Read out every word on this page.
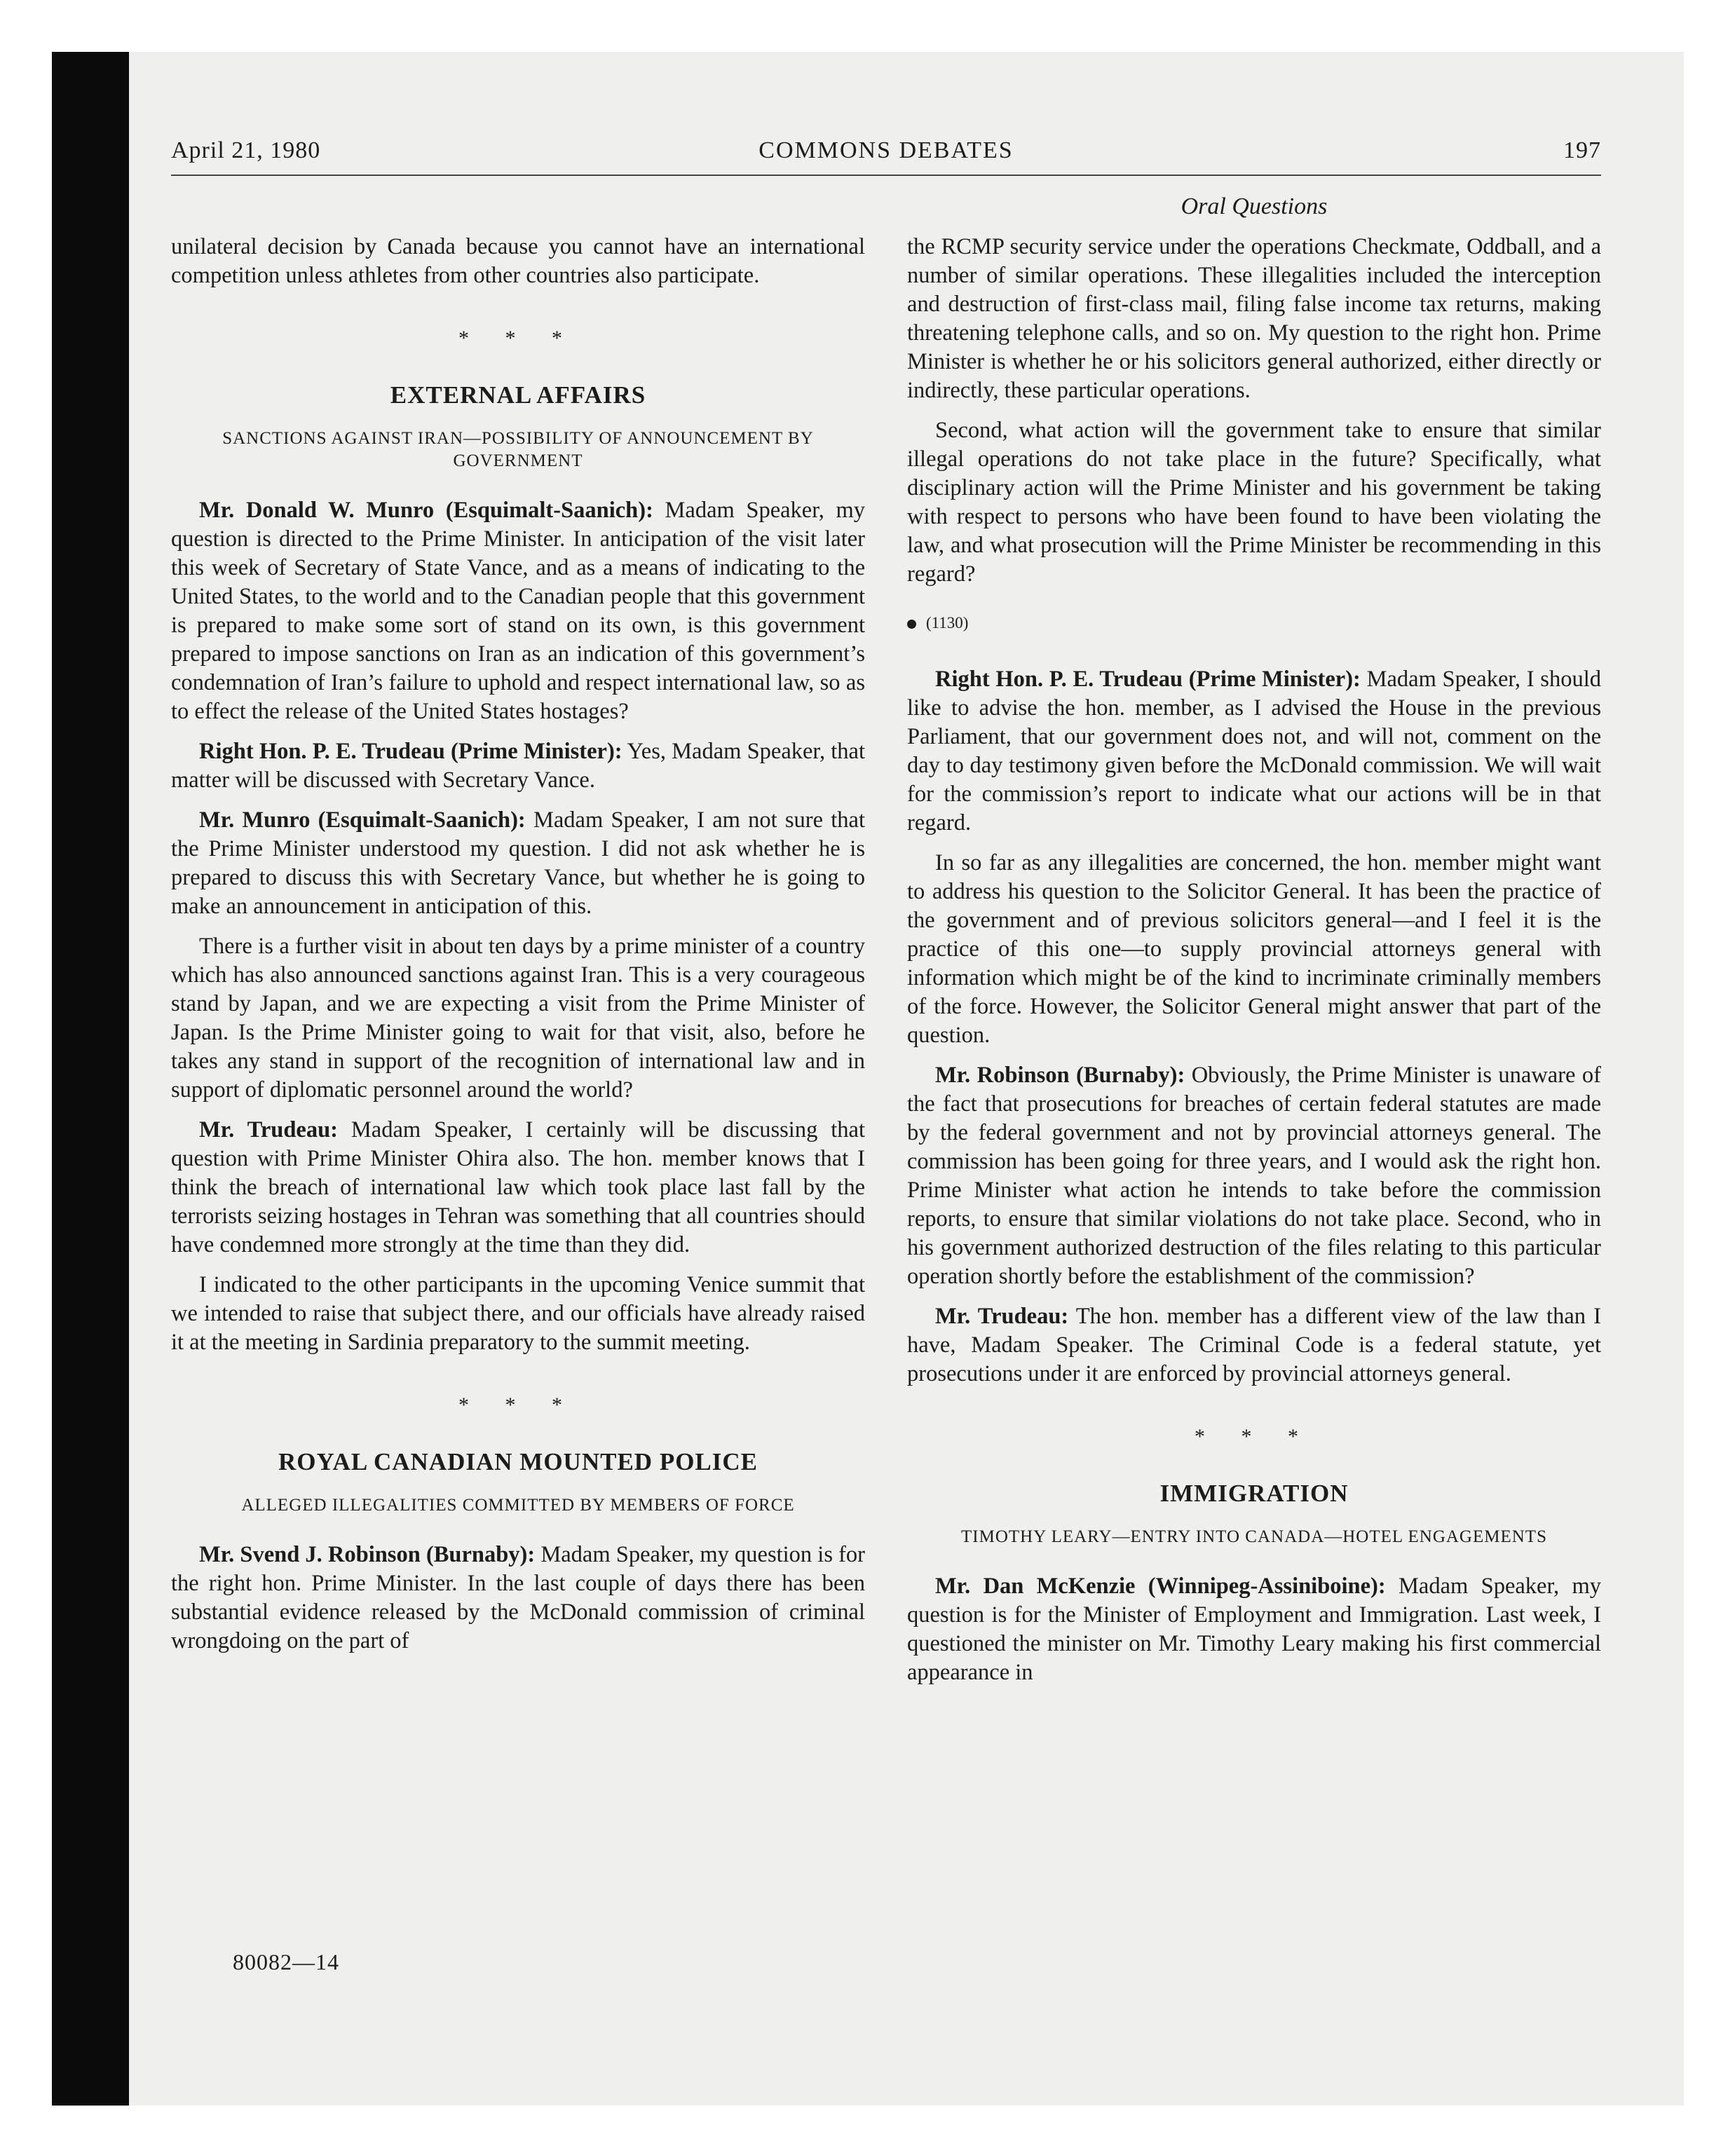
April 21, 1980	COMMONS DEBATES	197
Oral Questions

unilateral decision by Canada because you cannot have an international competition unless athletes from other countries also participate.

* * *
EXTERNAL AFFAIRS
SANCTIONS AGAINST IRAN—POSSIBILITY OF ANNOUNCEMENT BY GOVERNMENT

Mr. Donald W. Munro (Esquimalt-Saanich): Madam Speaker, my question is directed to the Prime Minister. In anticipation of the visit later this week of Secretary of State Vance, and as a means of indicating to the United States, to the world and to the Canadian people that this government is prepared to make some sort of stand on its own, is this government prepared to impose sanctions on Iran as an indication of this government’s condemnation of Iran’s failure to uphold and respect international law, so as to effect the release of the United States hostages?

Right Hon. P. E. Trudeau (Prime Minister): Yes, Madam Speaker, that matter will be discussed with Secretary Vance.

Mr. Munro (Esquimalt-Saanich): Madam Speaker, I am not sure that the Prime Minister understood my question. I did not ask whether he is prepared to discuss this with Secretary Vance, but whether he is going to make an announcement in anticipation of this.

There is a further visit in about ten days by a prime minister of a country which has also announced sanctions against Iran. This is a very courageous stand by Japan, and we are expecting a visit from the Prime Minister of Japan. Is the Prime Minister going to wait for that visit, also, before he takes any stand in support of the recognition of international law and in support of diplomatic personnel around the world?

Mr. Trudeau: Madam Speaker, I certainly will be discussing that question with Prime Minister Ohira also. The hon. member knows that I think the breach of international law which took place last fall by the terrorists seizing hostages in Tehran was something that all countries should have condemned more strongly at the time than they did.

I indicated to the other participants in the upcoming Venice summit that we intended to raise that subject there, and our officials have already raised it at the meeting in Sardinia preparatory to the summit meeting.

* * *
ROYAL CANADIAN MOUNTED POLICE
ALLEGED ILLEGALITIES COMMITTED BY MEMBERS OF FORCE

Mr. Svend J. Robinson (Burnaby): Madam Speaker, my question is for the right hon. Prime Minister. In the last couple of days there has been substantial evidence released by the McDonald commission of criminal wrongdoing on the part of

the RCMP security service under the operations Checkmate, Oddball, and a number of similar operations. These illegalities included the interception and destruction of first-class mail, filing false income tax returns, making threatening telephone calls, and so on. My question to the right hon. Prime Minister is whether he or his solicitors general authorized, either directly or indirectly, these particular operations.

Second, what action will the government take to ensure that similar illegal operations do not take place in the future? Specifically, what disciplinary action will the Prime Minister and his government be taking with respect to persons who have been found to have been violating the law, and what prosecution will the Prime Minister be recommending in this regard?

(1130)

Right Hon. P. E. Trudeau (Prime Minister): Madam Speaker, I should like to advise the hon. member, as I advised the House in the previous Parliament, that our government does not, and will not, comment on the day to day testimony given before the McDonald commission. We will wait for the commission’s report to indicate what our actions will be in that regard.

In so far as any illegalities are concerned, the hon. member might want to address his question to the Solicitor General. It has been the practice of the government and of previous solicitors general—and I feel it is the practice of this one—to supply provincial attorneys general with information which might be of the kind to incriminate criminally members of the force. However, the Solicitor General might answer that part of the question.

Mr. Robinson (Burnaby): Obviously, the Prime Minister is unaware of the fact that prosecutions for breaches of certain federal statutes are made by the federal government and not by provincial attorneys general. The commission has been going for three years, and I would ask the right hon. Prime Minister what action he intends to take before the commission reports, to ensure that similar violations do not take place. Second, who in his government authorized destruction of the files relating to this particular operation shortly before the establishment of the commission?

Mr. Trudeau: The hon. member has a different view of the law than I have, Madam Speaker. The Criminal Code is a federal statute, yet prosecutions under it are enforced by provincial attorneys general.

* * *
IMMIGRATION
TIMOTHY LEARY—ENTRY INTO CANADA—HOTEL ENGAGEMENTS

Mr. Dan McKenzie (Winnipeg-Assiniboine): Madam Speaker, my question is for the Minister of Employment and Immigration. Last week, I questioned the minister on Mr. Timothy Leary making his first commercial appearance in

80082—14
